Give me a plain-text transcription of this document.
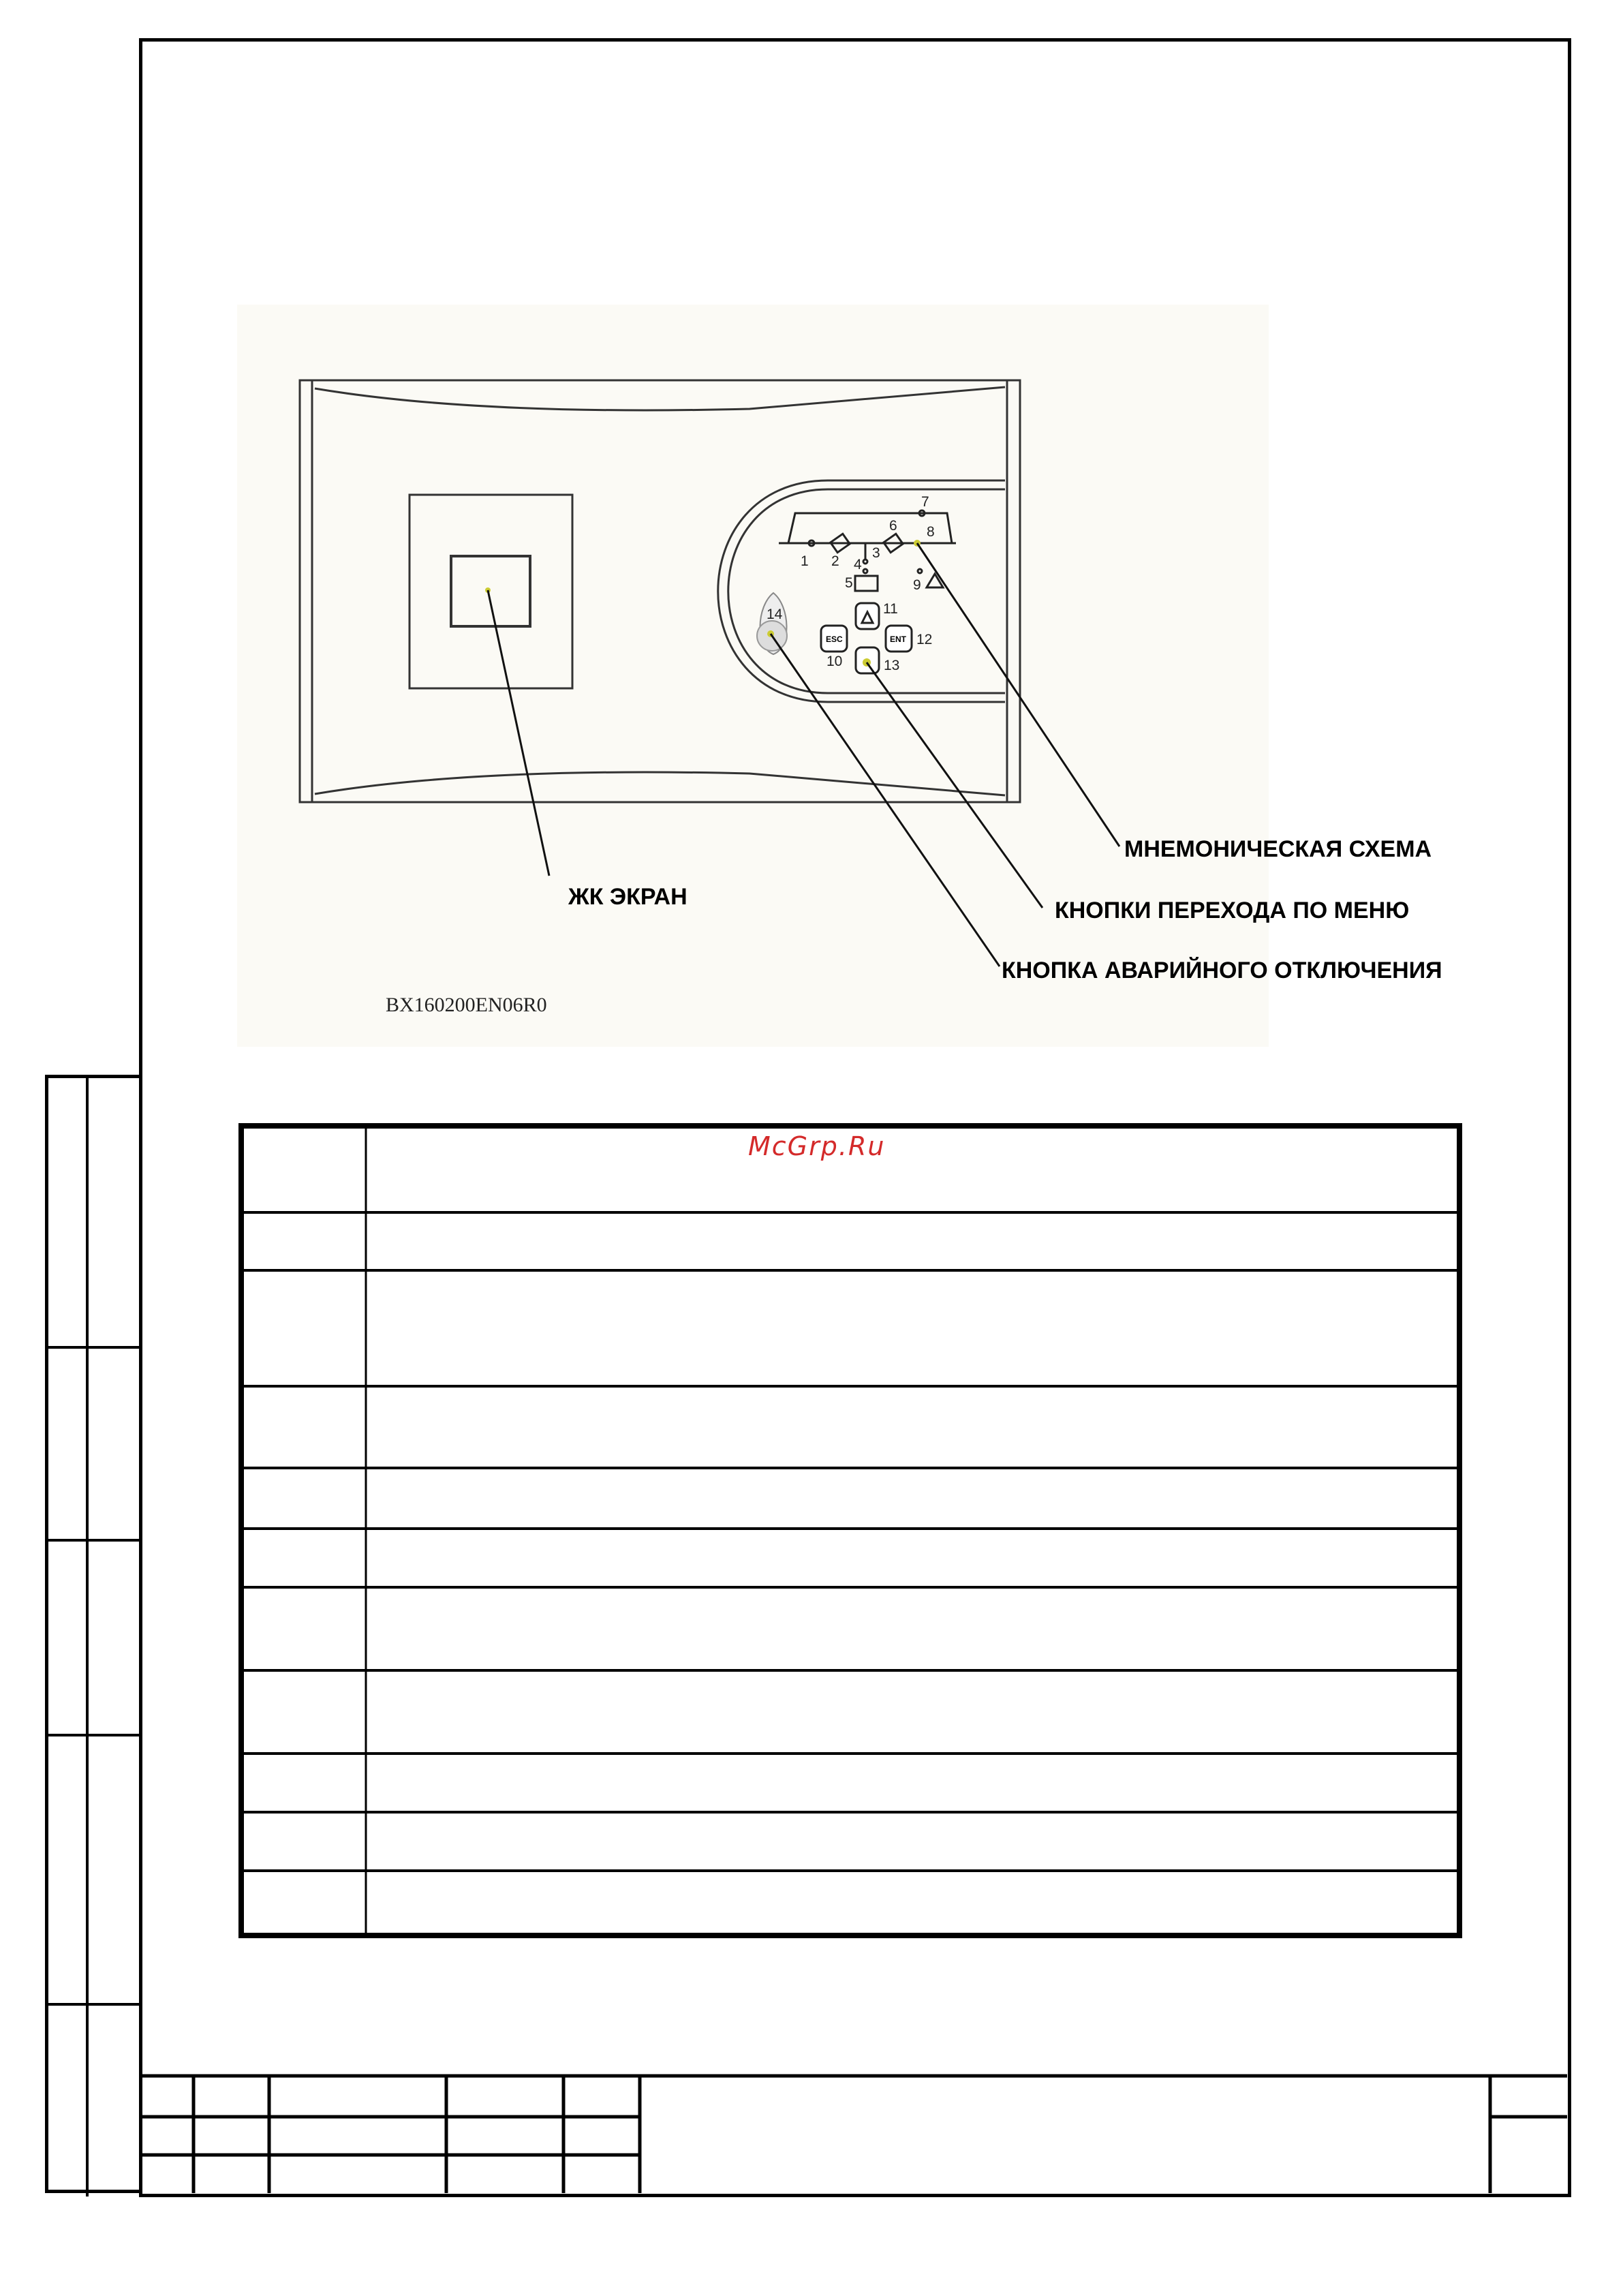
ESC	ENT
1 2
3
4
5
6
7
8
9
10
11
12
13
14
ЖК ЭКРАН
МНЕМОНИЧЕСКАЯ СХЕМА
КНОПКИ ПЕРЕХОДА ПО МЕНЮ
КНОПКА АВАРИЙНОГО ОТКЛЮЧЕНИЯ
BX160200EN06R0
McGrp.Ru
